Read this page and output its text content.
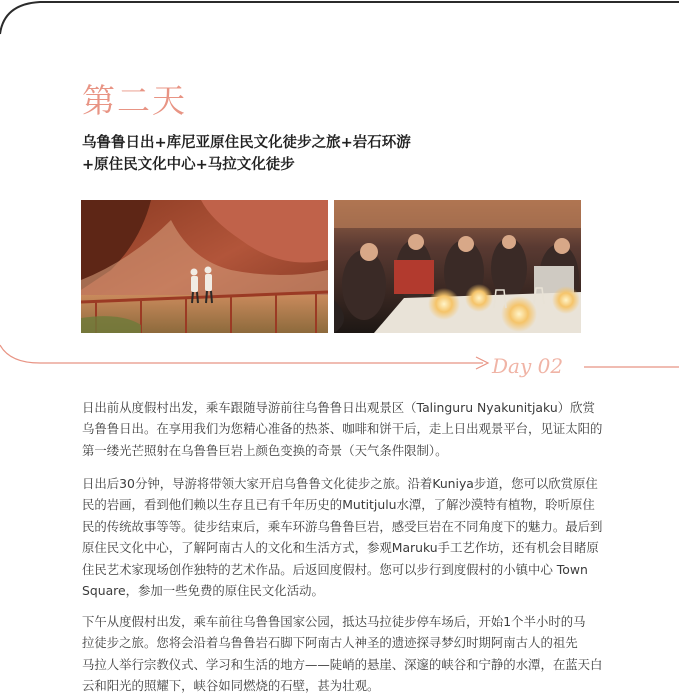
第二天
乌鲁鲁日出+库尼亚原住民文化徒步之旅+岩石环游
+原住民文化中心+马拉文化徒步
Day 02

日出前从度假村出发，乘车跟随导游前往乌鲁鲁日出观景区（Talinguru Nyakunitjaku）欣赏
乌鲁鲁日出。在享用我们为您精心准备的热茶、咖啡和饼干后，走上日出观景平台，见证太阳的
第一缕光芒照射在乌鲁鲁巨岩上颜色变换的奇景（天气条件限制）。

日出后30分钟，导游将带领大家开启乌鲁鲁文化徒步之旅。沿着Kuniya步道，您可以欣赏原住
民的岩画，看到他们赖以生存且已有千年历史的Mutitjulu水潭，了解沙漠特有植物，聆听原住
民的传统故事等等。徒步结束后，乘车环游乌鲁鲁巨岩，感受巨岩在不同角度下的魅力。最后到
原住民文化中心，了解阿南古人的文化和生活方式，参观Maruku手工艺作坊，还有机会目睹原
住民艺术家现场创作独特的艺术作品。后返回度假村。您可以步行到度假村的小镇中心 Town
Square，参加一些免费的原住民文化活动。

下午从度假村出发，乘车前往乌鲁鲁国家公园，抵达马拉徒步停车场后，开始1个半小时的马
拉徒步之旅。您将会沿着乌鲁鲁岩石脚下阿南古人神圣的遗迹探寻梦幻时期阿南古人的祖先
马拉人举行宗教仪式、学习和生活的地方——陡峭的悬崖、深邃的峡谷和宁静的水潭，在蓝天白
云和阳光的照耀下，峡谷如同燃烧的石壁，甚为壮观。
